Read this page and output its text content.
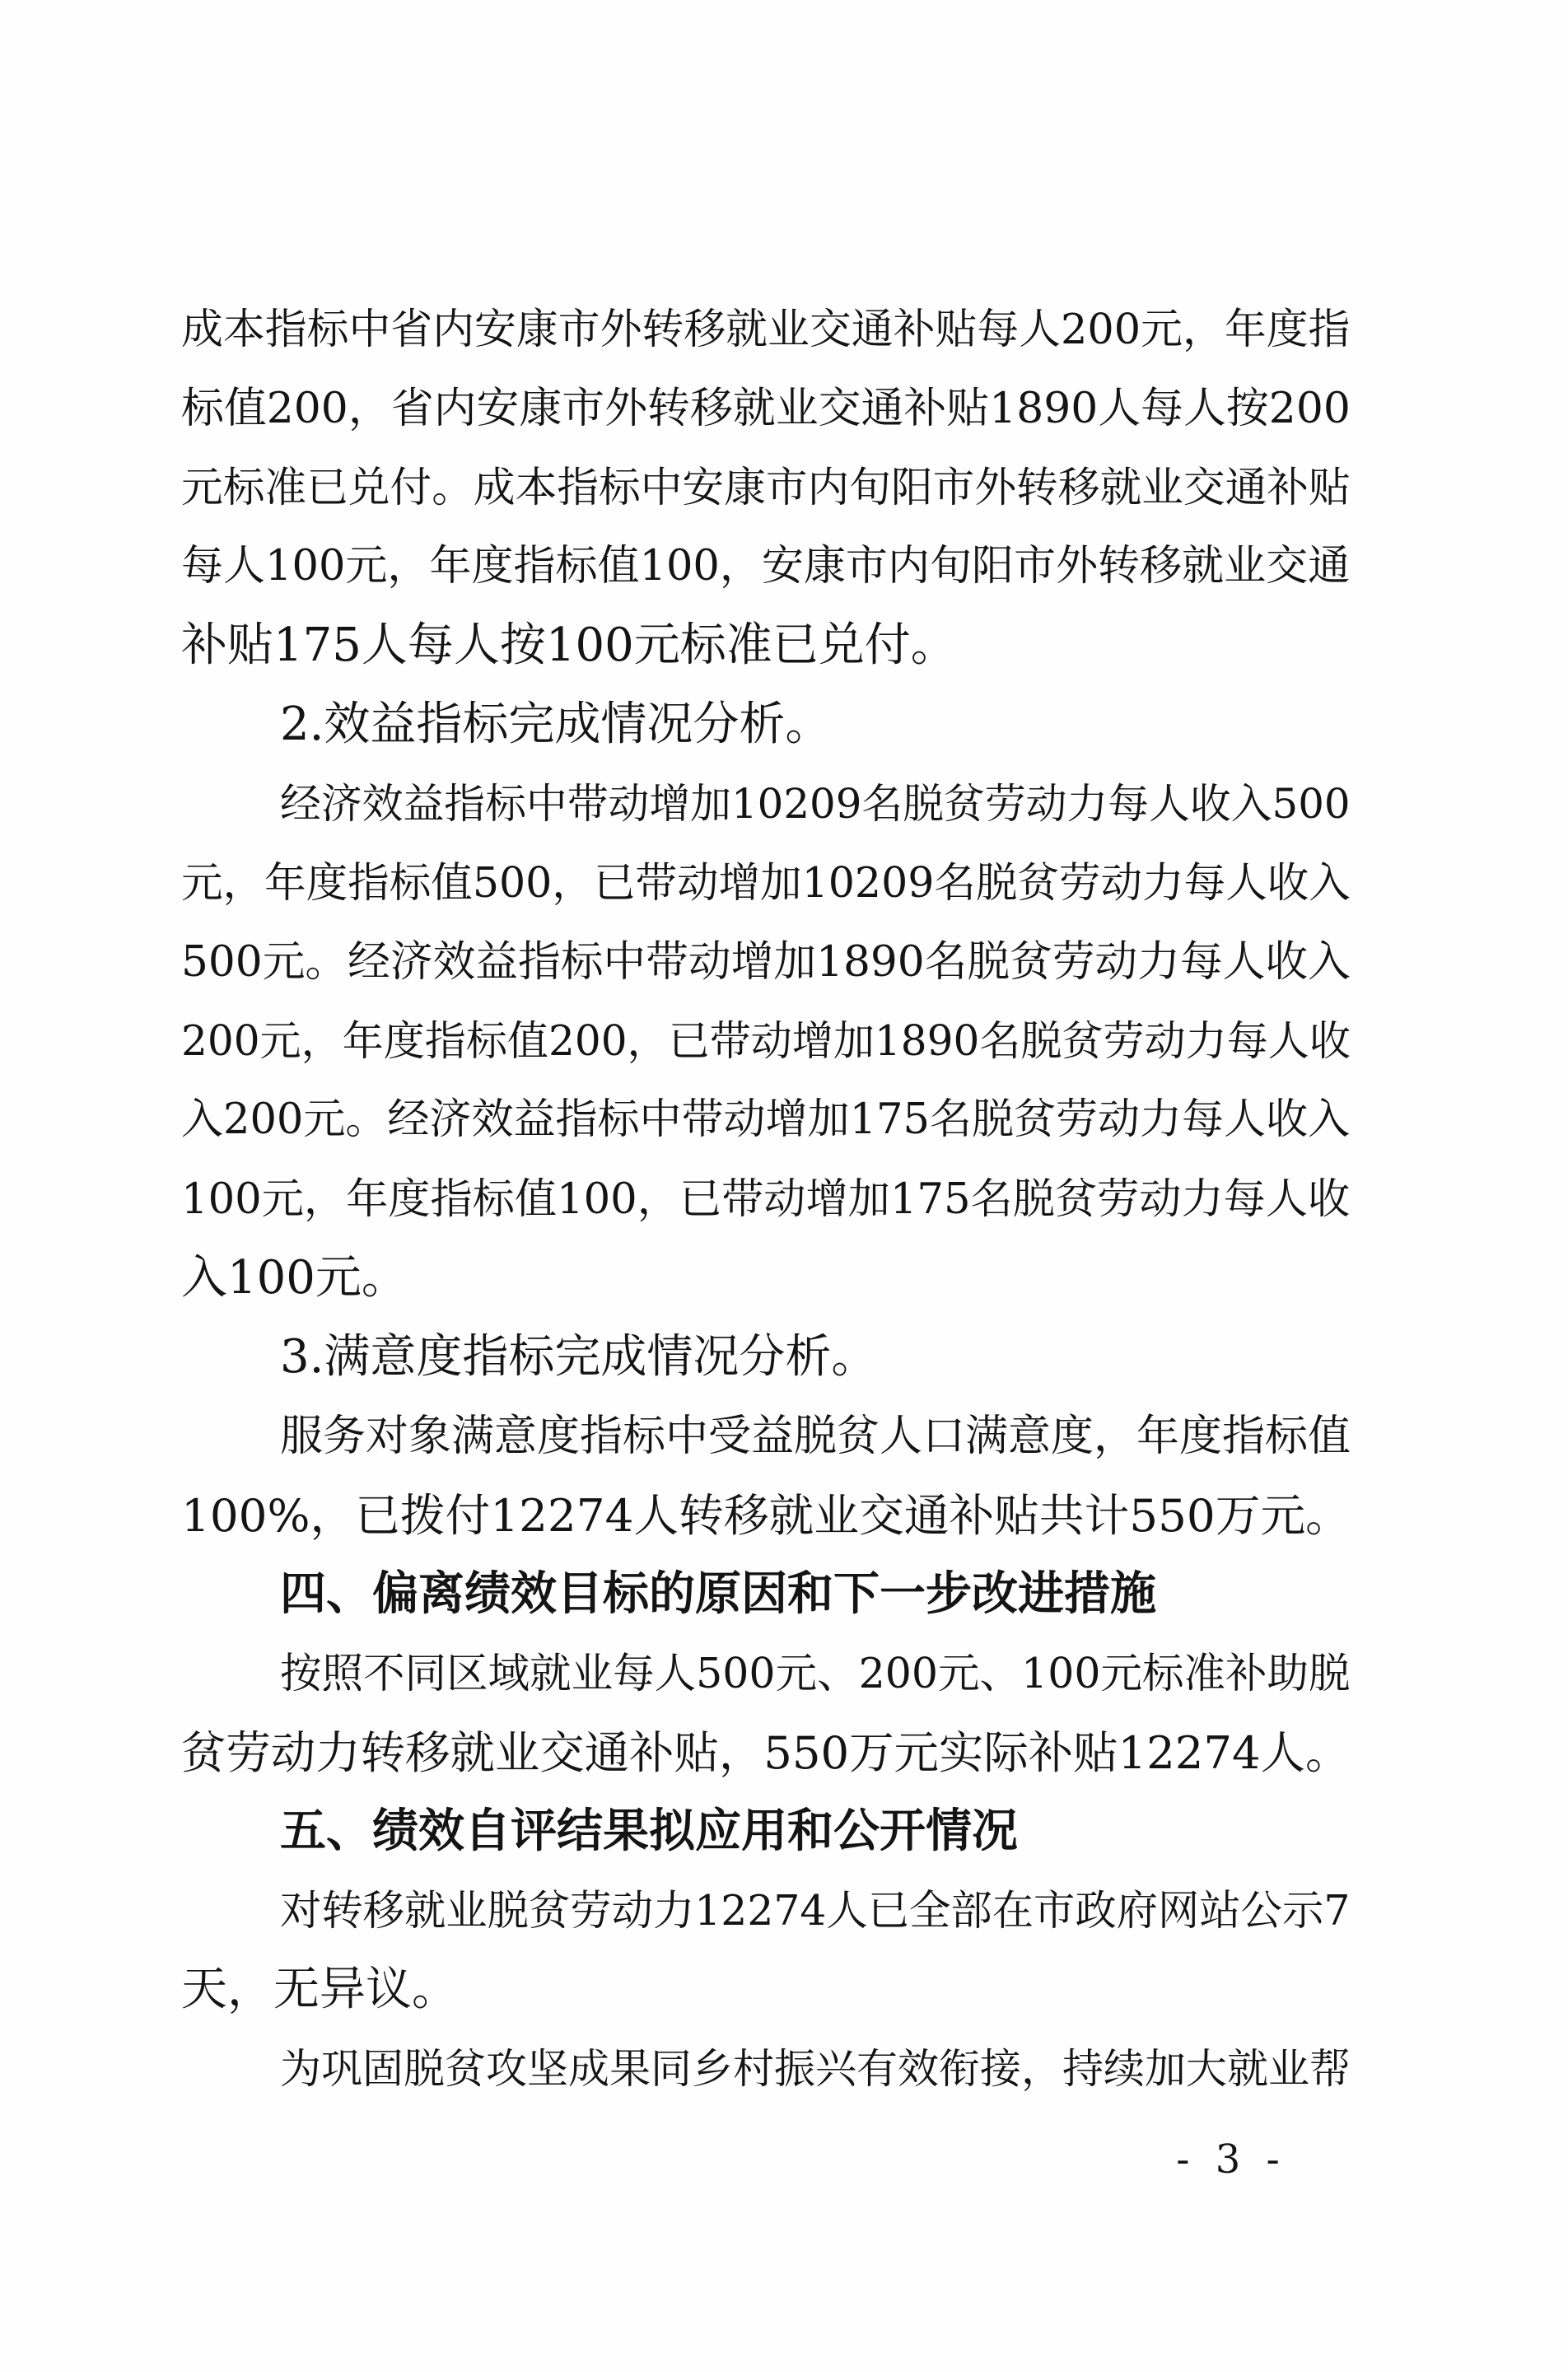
成本指标中省内安康市外转移就业交通补贴每人200元，年度指
标值200，省内安康市外转移就业交通补贴1890人每人按200
元标准已兑付。成本指标中安康市内旬阳市外转移就业交通补贴
每人100元，年度指标值100，安康市内旬阳市外转移就业交通
补贴175人每人按100元标准已兑付。
2.效益指标完成情况分析。
经济效益指标中带动增加10209名脱贫劳动力每人收入500
元，年度指标值500，已带动增加10209名脱贫劳动力每人收入
500元。经济效益指标中带动增加1890名脱贫劳动力每人收入
200元，年度指标值200，已带动增加1890名脱贫劳动力每人收
入200元。经济效益指标中带动增加175名脱贫劳动力每人收入
100元，年度指标值100，已带动增加175名脱贫劳动力每人收
入100元。
3.满意度指标完成情况分析。
服务对象满意度指标中受益脱贫人口满意度，年度指标值
100%，已拨付12274人转移就业交通补贴共计550万元。
四、偏离绩效目标的原因和下一步改进措施
按照不同区域就业每人500元、200元、100元标准补助脱
贫劳动力转移就业交通补贴，550万元实际补贴12274人。
五、绩效自评结果拟应用和公开情况
对转移就业脱贫劳动力12274人已全部在市政府网站公示7
天，无异议。
为巩固脱贫攻坚成果同乡村振兴有效衔接，持续加大就业帮
- 3 -
